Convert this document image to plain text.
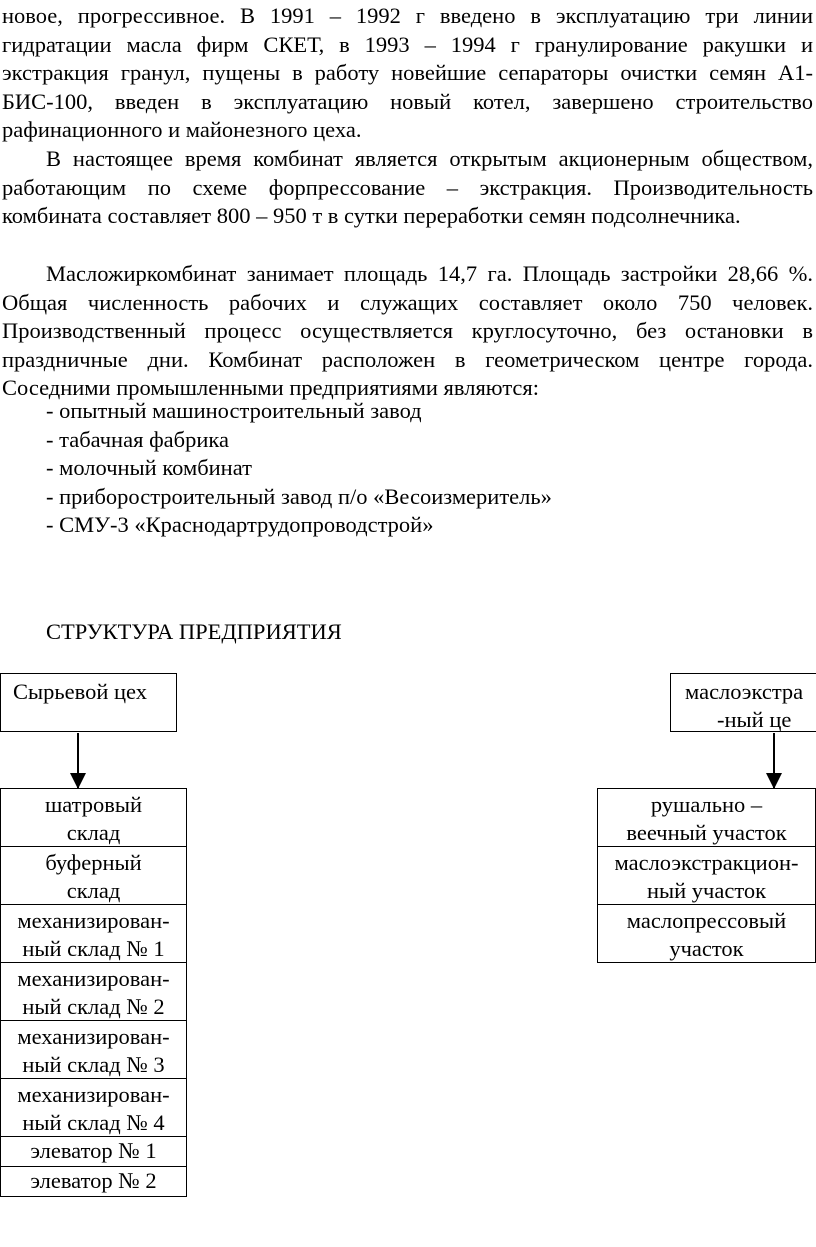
новое, прогрессивное. В 1991 – 1992 г введено в эксплуатацию три линии гидратации масла фирм СКЕТ, в 1993 – 1994 г гранулирование ракушки и экстракция гранул, пущены в работу новейшие сепараторы очистки семян А1-БИС-100, введен в эксплуатацию новый котел, завершено строительство рафинационного и майонезного цеха.

В настоящее время комбинат является открытым акционерным обществом, работающим по схеме форпрессование – экстракция. Производительность комбината составляет 800 – 950 т в сутки переработки семян подсолнечника.

Масложиркомбинат занимает площадь 14,7 га. Площадь застройки 28,66 %. Общая численность рабочих и служащих составляет около 750 человек. Производственный процесс осуществляется круглосуточно, без остановки в праздничные дни. Комбинат расположен в геометрическом центре города. Соседними промышленными предприятиями являются:

- опытный машиностроительный завод
- табачная фабрика
- молочный комбинат
- приборостроительный завод п/о «Весоизмеритель»
- СМУ-3 «Краснодартрудопроводстрой»
СТРУКТУРА ПРЕДПРИЯТИЯ
Сырьевой цех	маслоэкстра
-ный це
шатровый
склад
буферный
склад
механизирован-
ный склад № 1
механизирован-
ный склад № 2
механизирован-
ный склад № 3
механизирован-
ный склад № 4
элеватор № 1
элеватор № 2
рушально –
веечный участок
маслоэкстракцион-
ный участок
маслопрессовый
участок
